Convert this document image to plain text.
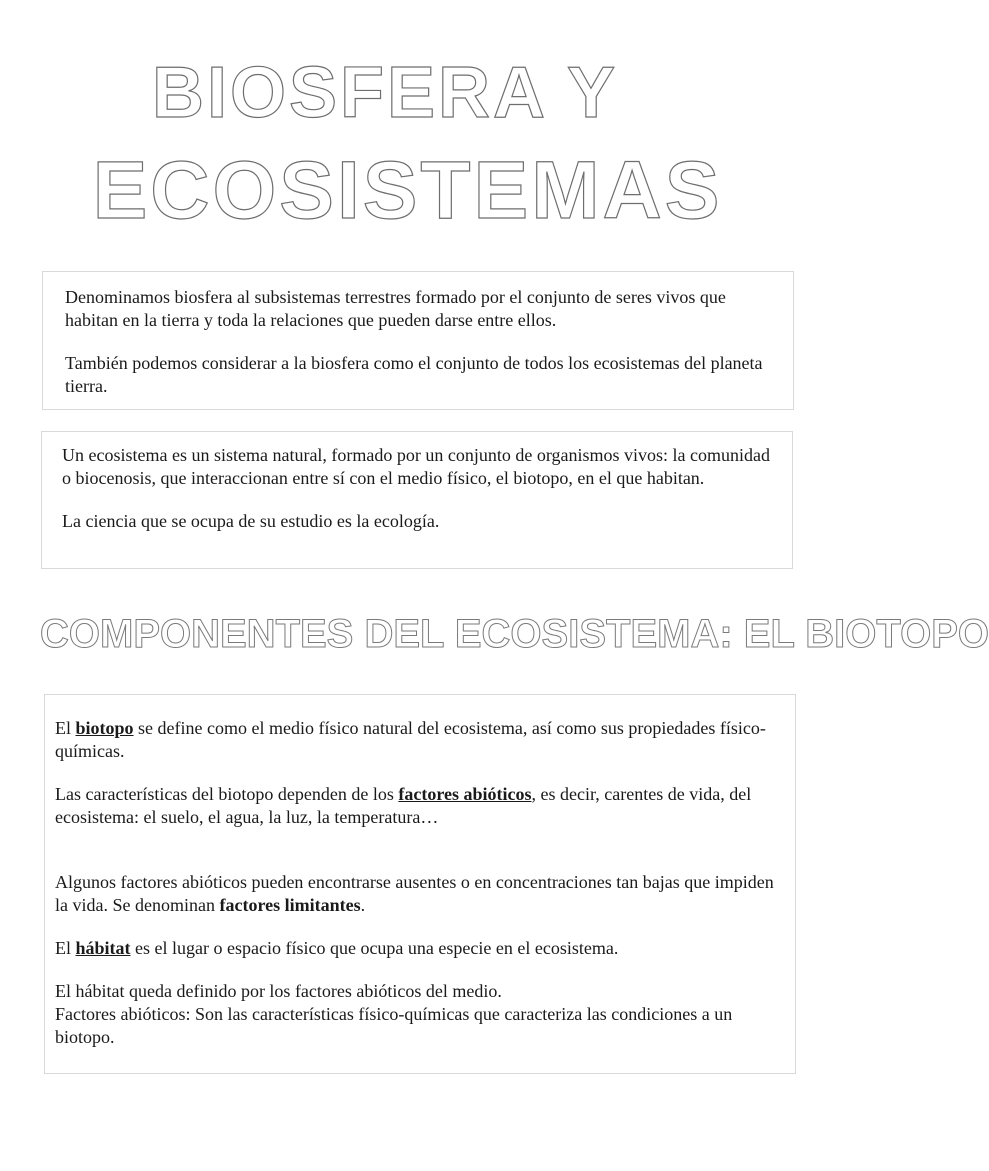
BIOSFERA Y
ECOSISTEMAS

Denominamos biosfera al subsistemas terrestres formado por el conjunto de seres vivos que habitan en la tierra y toda la relaciones que pueden darse entre ellos.

También podemos considerar a la biosfera como el conjunto de todos los ecosistemas del planeta tierra.

Un ecosistema es un sistema natural, formado por un conjunto de organismos vivos: la comunidad o biocenosis, que interaccionan entre sí con el medio físico, el biotopo, en el que habitan.

La ciencia que se ocupa de su estudio es la ecología.

COMPONENTES DEL ECOSISTEMA: EL BIOTOPO

El biotopo se define como el medio físico natural del ecosistema, así como sus propiedades físico-químicas.

Las características del biotopo dependen de los factores abióticos, es decir, carentes de vida, del ecosistema: el suelo, el agua, la luz, la temperatura…

Algunos factores abióticos pueden encontrarse ausentes o en concentraciones tan bajas que impiden la vida. Se denominan factores limitantes.

El hábitat es el lugar o espacio físico que ocupa una especie en el ecosistema.

El hábitat queda definido por los factores abióticos del medio.
Factores abióticos: Son las características físico-químicas que caracteriza las condiciones a un biotopo.
